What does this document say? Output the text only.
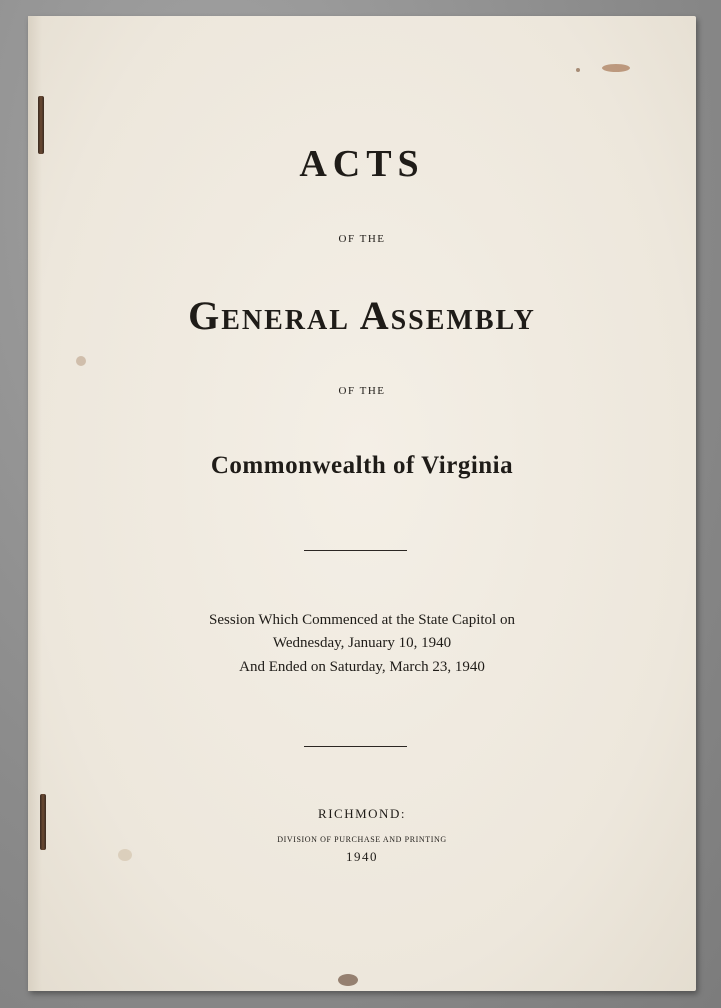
ACTS

OF THE

General Assembly

OF THE

Commonwealth of Virginia

Session Which Commenced at the State Capitol on

Wednesday, January 10, 1940

And Ended on Saturday, March 23, 1940

RICHMOND:

DIVISION OF PURCHASE AND PRINTING

1940
